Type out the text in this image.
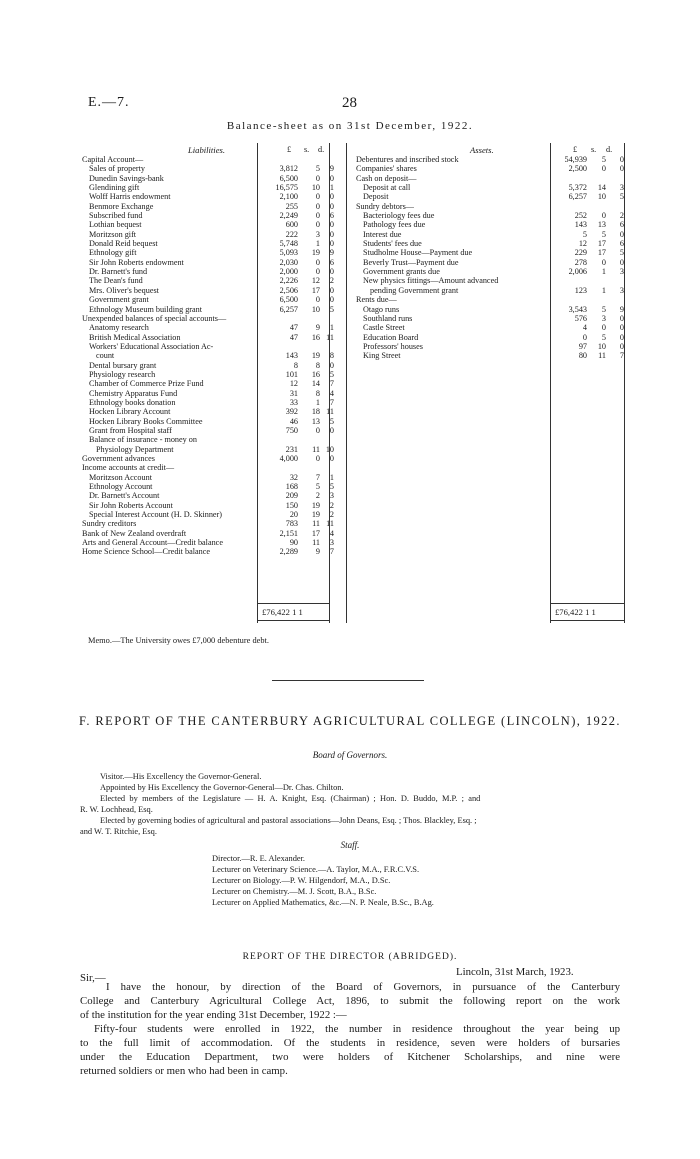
E.—7.	28
Balance-sheet as on 31st December, 1922.
Liabilities.	£ s. d.	Assets.	£ s. d.
Capital Account—
Sales of property	3,812 5 9
Dunedin Savings-bank	6,500 0 0
Glendining gift	16,575 10 1
Wolff Harris endowment	2,100 0 0
Benmore Exchange	255 0 0
Subscribed fund	2,249 0 6
Lothian bequest	600 0 0
Moritzson gift	222 3 0
Donald Reid bequest	5,748 1 0
Ethnology gift	5,093 19 9
Sir John Roberts endowment	2,030 0 6
Dr. Barnett's fund	2,000 0 0
The Dean's fund	2,226 12 2
Mrs. Oliver's bequest	2,506 17 0
Government grant	6,500 0 0
Ethnology Museum building grant	6,257 10 5
Unexpended balances of special accounts—
Anatomy research	47 9 1
British Medical Association	47 16 11
Workers' Educational Association Ac-
count	143 19 8
Dental bursary grant	8 8 0
Physiology research	101 16 5
Chamber of Commerce Prize Fund	12 14 7
Chemistry Apparatus Fund	31 8 4
Ethnology books donation	33 1 7
Hocken Library Account	392 18 11
Hocken Library Books Committee	46 13 5
Grant from Hospital staff	750 0 0
Balance of insurance - money on
Physiology Department	231 11 10
Government advances	4,000 0 0
Income accounts at credit—
Moritzson Account	32 7 1
Ethnology Account	168 5 5
Dr. Barnett's Account	209 2 3
Sir John Roberts Account	150 19 2
Special Interest Account (H. D. Skinner)	20 19 2
Sundry creditors	783 11 11
Bank of New Zealand overdraft	2,151 17 4
Arts and General Account—Credit balance	90 11 3
Home Science School—Credit balance	2,289 9 7
Debentures and inscribed stock	54,939 5 0
Companies' shares	2,500 0 0
Cash on deposit—
Deposit at call	5,372 14 3
Deposit	6,257 10 5
Sundry debtors—
Bacteriology fees due	252 0 2
Pathology fees due	143 13 6
Interest due	5 5 0
Students' fees due	12 17 6
Studholme House—Payment due	229 17 5
Beverly Trust—Payment due	278 0 0
Government grants due	2,006 1 3
New physics fittings—Amount advanced
pending Government grant	123 1 3
Rents due—
Otago runs	3,543 5 9
Southland runs	576 3 0
Castle Street	4 0 0
Education Board	0 5 0
Professors' houses	97 10 0
King Street	80 11 7
£76,422 1 1	£76,422 1 1
Memo.—The University owes £7,000 debenture debt.
F. REPORT OF THE CANTERBURY AGRICULTURAL COLLEGE (LINCOLN), 1922.
Board of Governors.
Visitor.—His Excellency the Governor-General.
Appointed by His Excellency the Governor-General—Dr. Chas. Chilton.
Elected by members of the Legislature — H. A. Knight, Esq. (Chairman) ; Hon. D. Buddo, M.P. ; and
R. W. Lochhead, Esq.
Elected by governing bodies of agricultural and pastoral associations—John Deans, Esq. ; Thos. Blackley, Esq. ;
and W. T. Ritchie, Esq.
Staff.
Director.—R. E. Alexander.
Lecturer on Veterinary Science.—A. Taylor, M.A., F.R.C.V.S.
Lecturer on Biology.—P. W. Hilgendorf, M.A., D.Sc.
Lecturer on Chemistry.—M. J. Scott, B.A., B.Sc.
Lecturer on Applied Mathematics, &c.—N. P. Neale, B.Sc., B.Ag.
REPORT OF THE DIRECTOR (ABRIDGED).
Sir,—	Lincoln, 31st March, 1923.
I have the honour, by direction of the Board of Governors, in pursuance of the Canterbury
College and Canterbury Agricultural College Act, 1896, to submit the following report on the work
of the institution for the year ending 31st December, 1922 :—
Fifty-four students were enrolled in 1922, the number in residence throughout the year being up
to the full limit of accommodation. Of the students in residence, seven were holders of bursaries
under the Education Department, two were holders of Kitchener Scholarships, and nine were
returned soldiers or men who had been in camp.
